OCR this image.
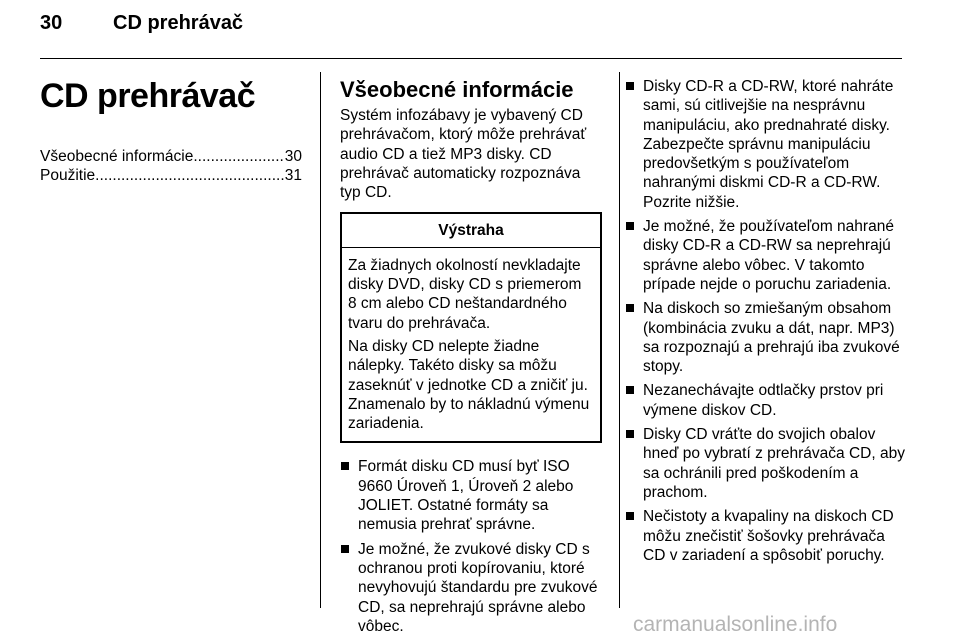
30	CD prehrávač
CD prehrávač
Všeobecné informácie .....	30
Použitie .....	31
Všeobecné informácie

Systém infozábavy je vybavený CD prehrávačom, ktorý môže prehrávať audio CD a tiež MP3 disky. CD prehrávač automaticky rozpoznáva typ CD.

Výstraha

Za žiadnych okolností nevkladajte disky DVD, disky CD s priemerom 8 cm alebo CD neštandardného tvaru do prehrávača.

Na disky CD nelepte žiadne nálepky. Takéto disky sa môžu zaseknúť v jednotke CD a zničiť ju. Znamenalo by to nákladnú výmenu zariadenia.

Formát disku CD musí byť ISO 9660 Úroveň 1, Úroveň 2 alebo JOLIET. Ostatné formáty sa nemusia prehrať správne.
Je možné, že zvukové disky CD s ochranou proti kopírovaniu, ktoré nevyhovujú štandardu pre zvukové CD, sa neprehrajú správne alebo vôbec.
Disky CD-R a CD-RW, ktoré nahráte sami, sú citlivejšie na nesprávnu manipuláciu, ako prednahraté disky. Zabezpečte správnu manipuláciu predovšetkým s používateľom nahranými diskmi CD-R a CD-RW. Pozrite nižšie.
Je možné, že používateľom nahrané disky CD-R a CD-RW sa neprehrajú správne alebo vôbec. V takomto prípade nejde o poruchu zariadenia.
Na diskoch so zmiešaným obsahom (kombinácia zvuku a dát, napr. MP3) sa rozpoznajú a prehrajú iba zvukové stopy.
Nezanechávajte odtlačky prstov pri výmene diskov CD.
Disky CD vráťte do svojich obalov hneď po vybratí z prehrávača CD, aby sa ochránili pred poškodením a prachom.
Nečistoty a kvapaliny na diskoch CD môžu znečistiť šošovky prehrávača CD v zariadení a spôsobiť poruchy.
carmanualsonline.info
